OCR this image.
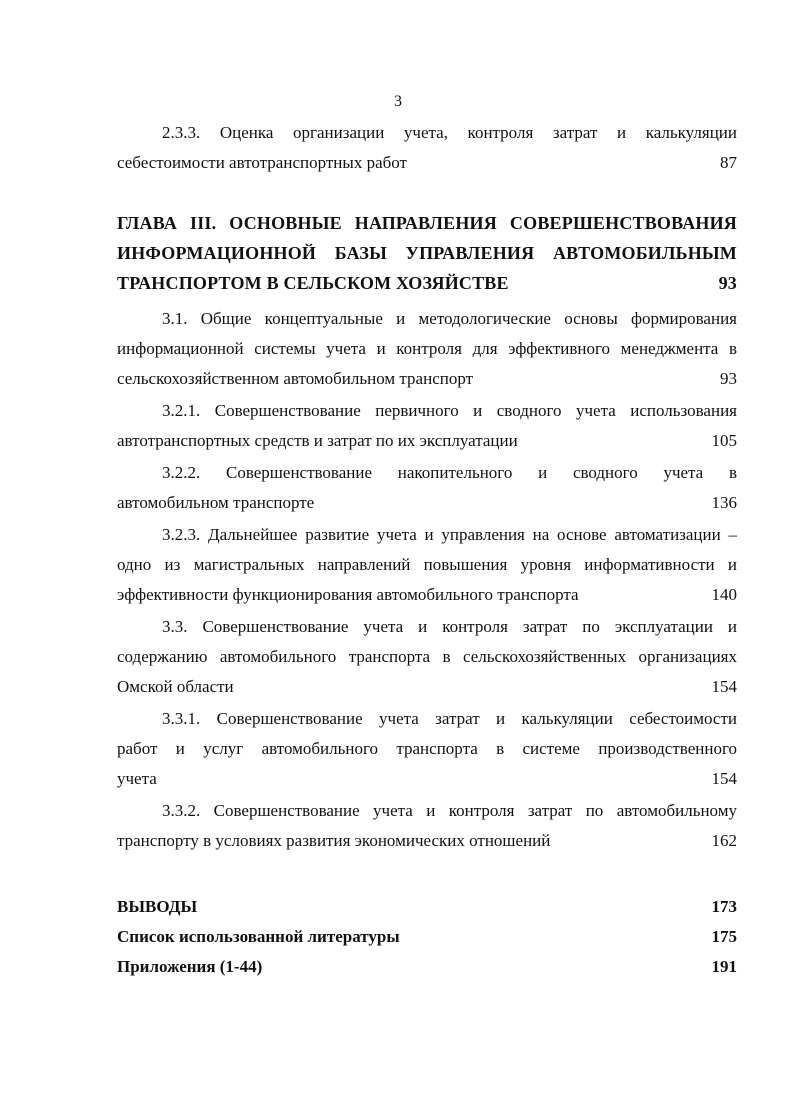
3
2.3.3. Оценка организации учета, контроля затрат и калькуляции
себестоимости автотранспортных работ	87
ГЛАВА III. ОСНОВНЫЕ НАПРАВЛЕНИЯ СОВЕРШЕНСТВОВАНИЯ
ИНФОРМАЦИОННОЙ БАЗЫ УПРАВЛЕНИЯ АВТОМОБИЛЬНЫМ
ТРАНСПОРТОМ В СЕЛЬСКОМ ХОЗЯЙСТВЕ	93
3.1. Общие концептуальные и методологические основы формирования
информационной системы учета и контроля для эффективного менеджмента в
сельскохозяйственном автомобильном транспорт	93
3.2.1. Совершенствование первичного и сводного учета использования
автотранспортных средств и затрат по их эксплуатации	105
3.2.2. Совершенствование накопительного и сводного учета в
автомобильном транспорте	136
3.2.3. Дальнейшее развитие учета и управления на основе автоматизации –
одно из магистральных направлений повышения уровня информативности и
эффективности функционирования автомобильного транспорта	140
3.3. Совершенствование учета и контроля затрат по эксплуатации и
содержанию автомобильного транспорта в сельскохозяйственных организациях
Омской области	154
3.3.1. Совершенствование учета затрат и калькуляции себестоимости
работ и услуг автомобильного транспорта в системе производственного
учета	154
3.3.2. Совершенствование учета и контроля затрат по автомобильному
транспорту в условиях развития экономических отношений	162
ВЫВОДЫ	173
Список использованной литературы	175
Приложения (1-44)	191
